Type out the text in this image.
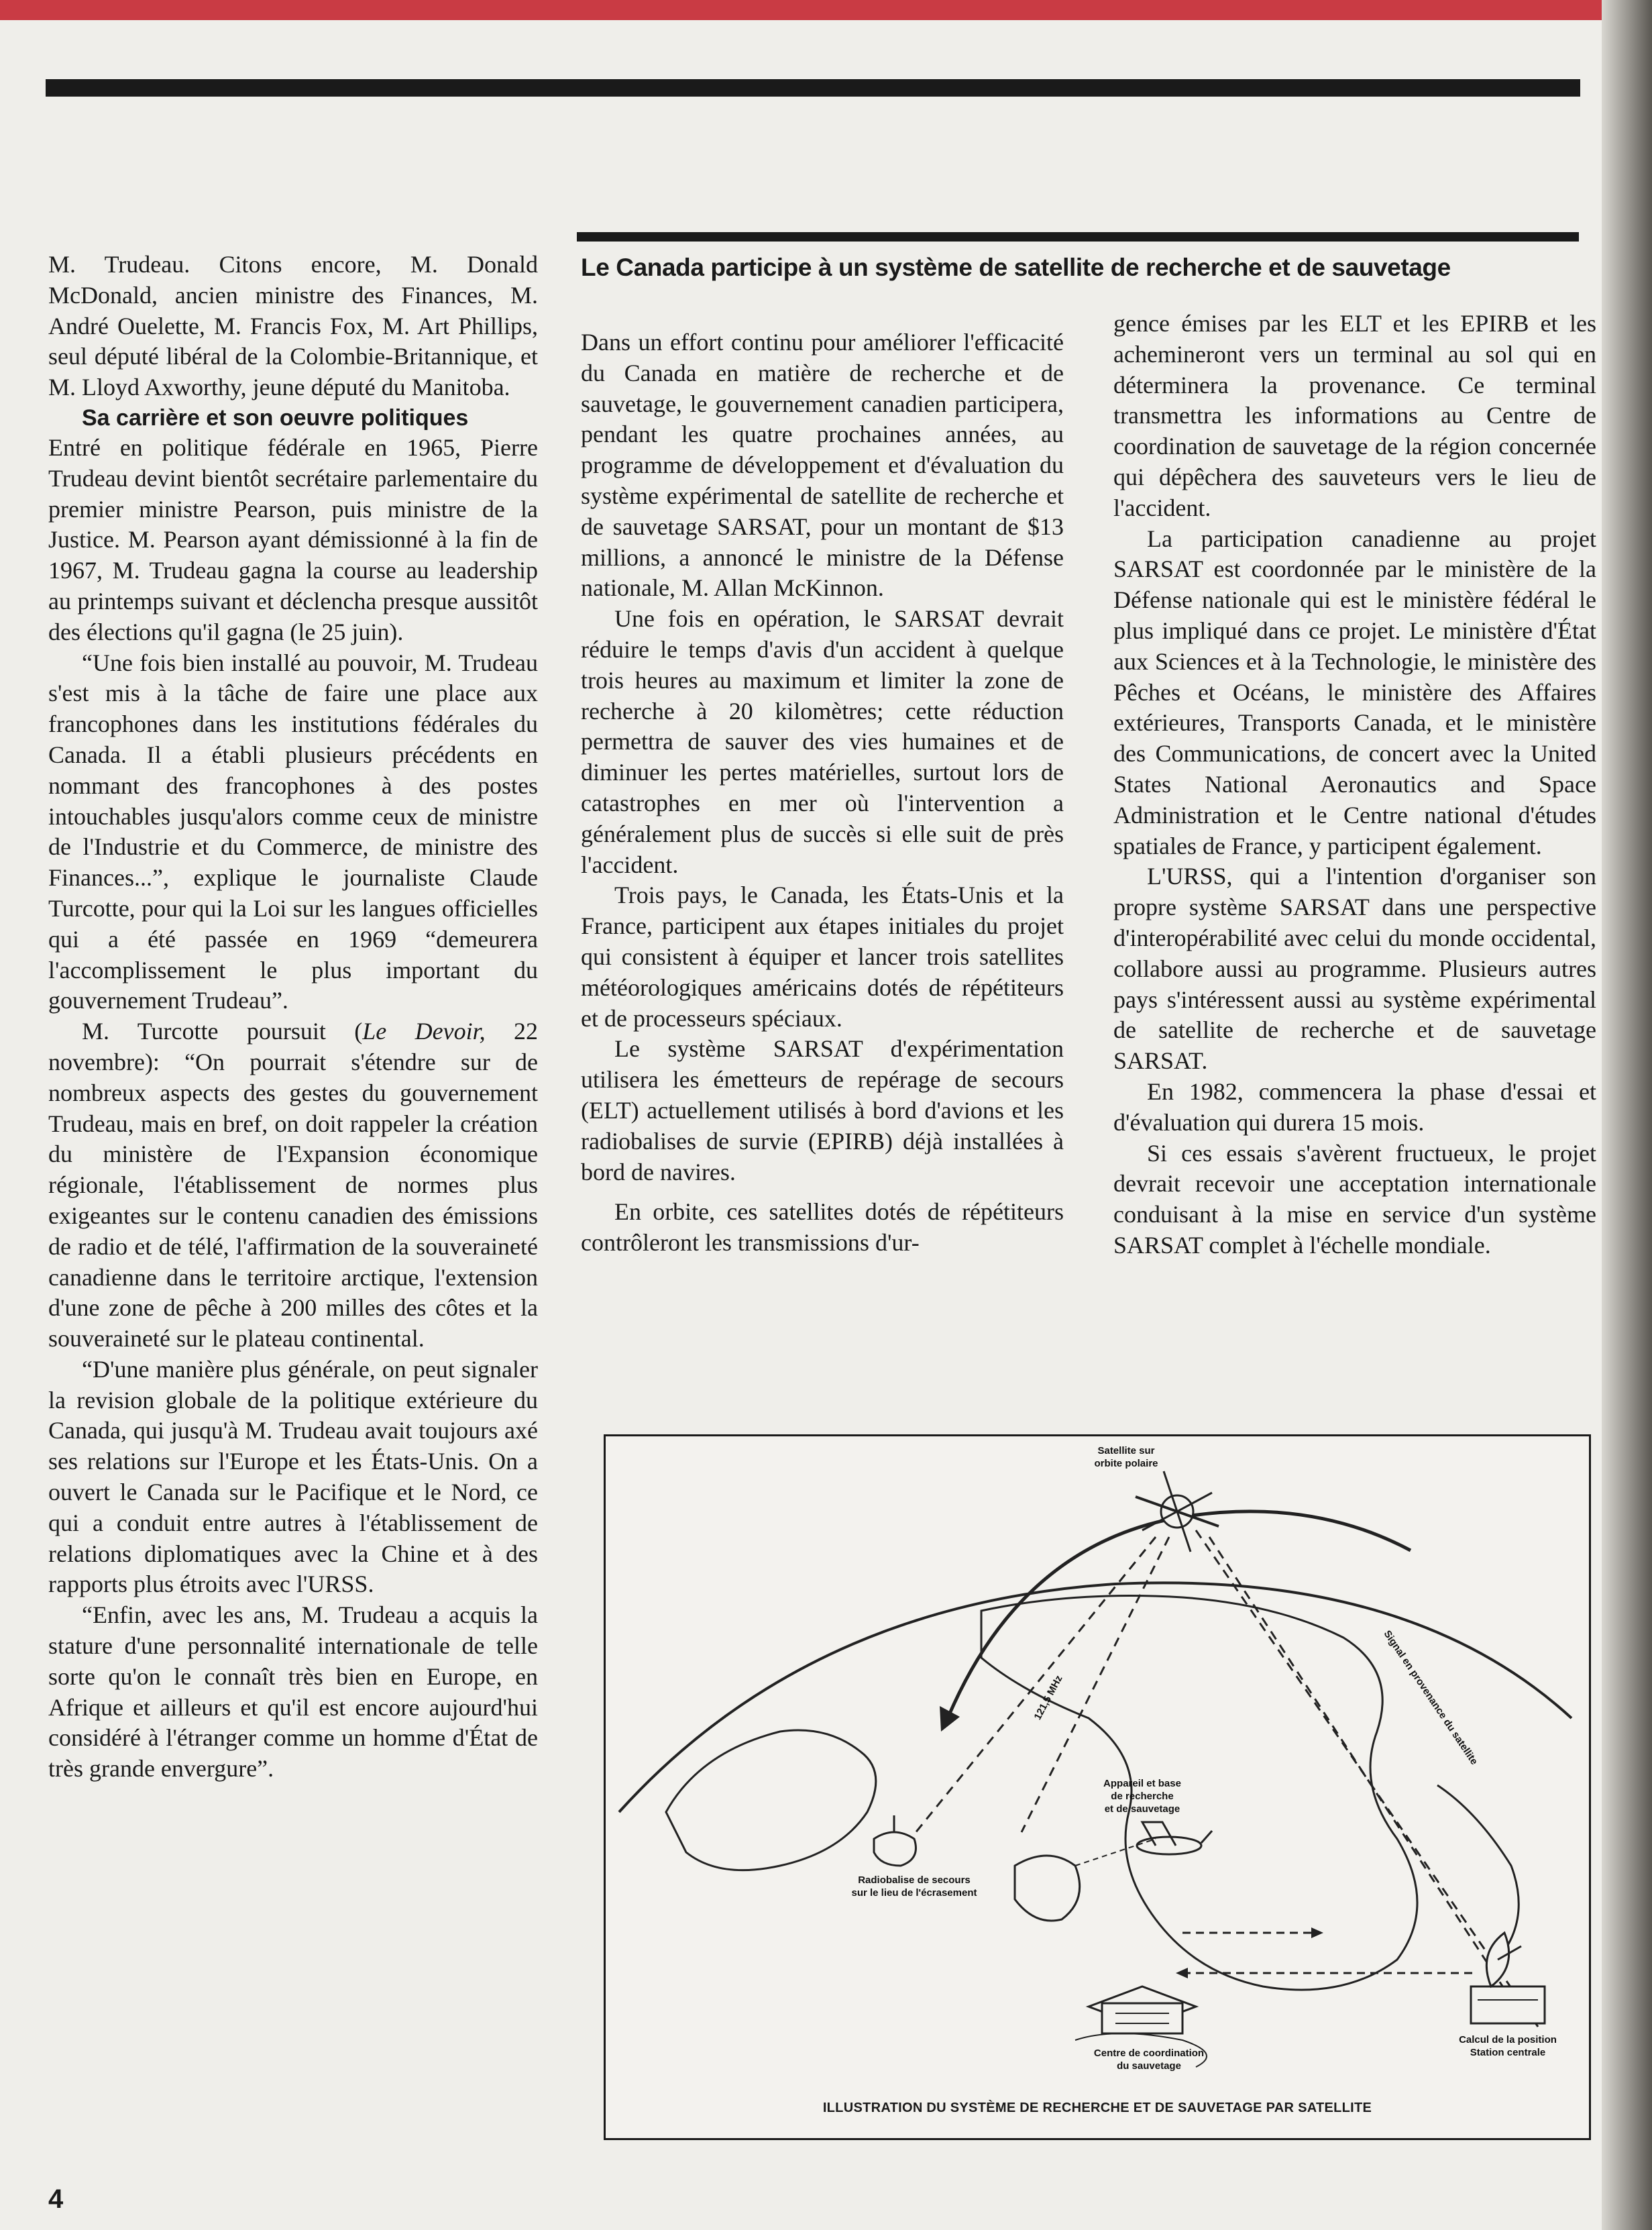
M. Trudeau. Citons encore, M. Donald McDonald, ancien ministre des Finances, M. André Ouelette, M. Francis Fox, M. Art Phillips, seul député libéral de la Colombie-Britannique, et M. Lloyd Axworthy, jeune député du Manitoba.

Sa carrière et son oeuvre politiques

Entré en politique fédérale en 1965, Pierre Trudeau devint bientôt secrétaire parlementaire du premier ministre Pearson, puis ministre de la Justice. M. Pearson ayant démissionné à la fin de 1967, M. Trudeau gagna la course au leadership au printemps suivant et déclencha presque aussitôt des élections qu'il gagna (le 25 juin).

“Une fois bien installé au pouvoir, M. Trudeau s'est mis à la tâche de faire une place aux francophones dans les institutions fédérales du Canada. Il a établi plusieurs précédents en nommant des francophones à des postes intouchables jusqu'alors comme ceux de ministre de l'Industrie et du Commerce, de ministre des Finances...”, explique le journaliste Claude Turcotte, pour qui la Loi sur les langues officielles qui a été passée en 1969 “demeurera l'accomplissement le plus important du gouvernement Trudeau”.

M. Turcotte poursuit (Le Devoir, 22 novembre): “On pourrait s'étendre sur de nombreux aspects des gestes du gouvernement Trudeau, mais en bref, on doit rappeler la création du ministère de l'Expansion économique régionale, l'établissement de normes plus exigeantes sur le contenu canadien des émissions de radio et de télé, l'affirmation de la souveraineté canadienne dans le territoire arctique, l'extension d'une zone de pêche à 200 milles des côtes et la souveraineté sur le plateau continental.

“D'une manière plus générale, on peut signaler la revision globale de la politique extérieure du Canada, qui jusqu'à M. Trudeau avait toujours axé ses relations sur l'Europe et les États-Unis. On a ouvert le Canada sur le Pacifique et le Nord, ce qui a conduit entre autres à l'établissement de relations diplomatiques avec la Chine et à des rapports plus étroits avec l'URSS.

“Enfin, avec les ans, M. Trudeau a acquis la stature d'une personnalité internationale de telle sorte qu'on le connaît très bien en Europe, en Afrique et ailleurs et qu'il est encore aujourd'hui considéré à l'étranger comme un homme d'État de très grande envergure”.

Le Canada participe à un système de satellite de recherche et de sauvetage

Dans un effort continu pour améliorer l'efficacité du Canada en matière de recherche et de sauvetage, le gouvernement canadien participera, pendant les quatre prochaines années, au programme de développement et d'évaluation du système expérimental de satellite de recherche et de sauvetage SARSAT, pour un montant de $13 millions, a annoncé le ministre de la Défense nationale, M. Allan McKinnon.

Une fois en opération, le SARSAT devrait réduire le temps d'avis d'un accident à quelque trois heures au maximum et limiter la zone de recherche à 20 kilomètres; cette réduction permettra de sauver des vies humaines et de diminuer les pertes matérielles, surtout lors de catastrophes en mer où l'intervention a généralement plus de succès si elle suit de près l'accident.

Trois pays, le Canada, les États-Unis et la France, participent aux étapes initiales du projet qui consistent à équiper et lancer trois satellites météorologiques américains dotés de répétiteurs et de processeurs spéciaux.

Le système SARSAT d'expérimentation utilisera les émetteurs de repérage de secours (ELT) actuellement utilisés à bord d'avions et les radiobalises de survie (EPIRB) déjà installées à bord de navires.

En orbite, ces satellites dotés de répétiteurs contrôleront les transmissions d'ur-

gence émises par les ELT et les EPIRB et les achemineront vers un terminal au sol qui en déterminera la provenance. Ce terminal transmettra les informations au Centre de coordination de sauvetage de la région concernée qui dépêchera des sauveteurs vers le lieu de l'accident.

La participation canadienne au projet SARSAT est coordonnée par le ministère de la Défense nationale qui est le ministère fédéral le plus impliqué dans ce projet. Le ministère d'État aux Sciences et à la Technologie, le ministère des Pêches et Océans, le ministère des Affaires extérieures, Transports Canada, et le ministère des Communications, de concert avec la United States National Aeronautics and Space Administration et le Centre national d'études spatiales de France, y participent également.

L'URSS, qui a l'intention d'organiser son propre système SARSAT dans une perspective d'interopérabilité avec celui du monde occidental, collabore aussi au programme. Plusieurs autres pays s'intéressent aussi au système expérimental de satellite de recherche et de sauvetage SARSAT.

En 1982, commencera la phase d'essai et d'évaluation qui durera 15 mois.

Si ces essais s'avèrent fructueux, le projet devrait recevoir une acceptation internationale conduisant à la mise en service d'un système SARSAT complet à l'échelle mondiale.

Satellite sur
orbite polaire
121,5 MHz	Signal en provenance du satellite
Appareil et base
de recherche
et de sauvetage
Radiobalise de secours
sur le lieu de l'écrasement
Centre de coordination
du sauvetage
Calcul de la position
Station centrale
ILLUSTRATION DU SYSTÈME DE RECHERCHE ET DE SAUVETAGE PAR SATELLITE
4
